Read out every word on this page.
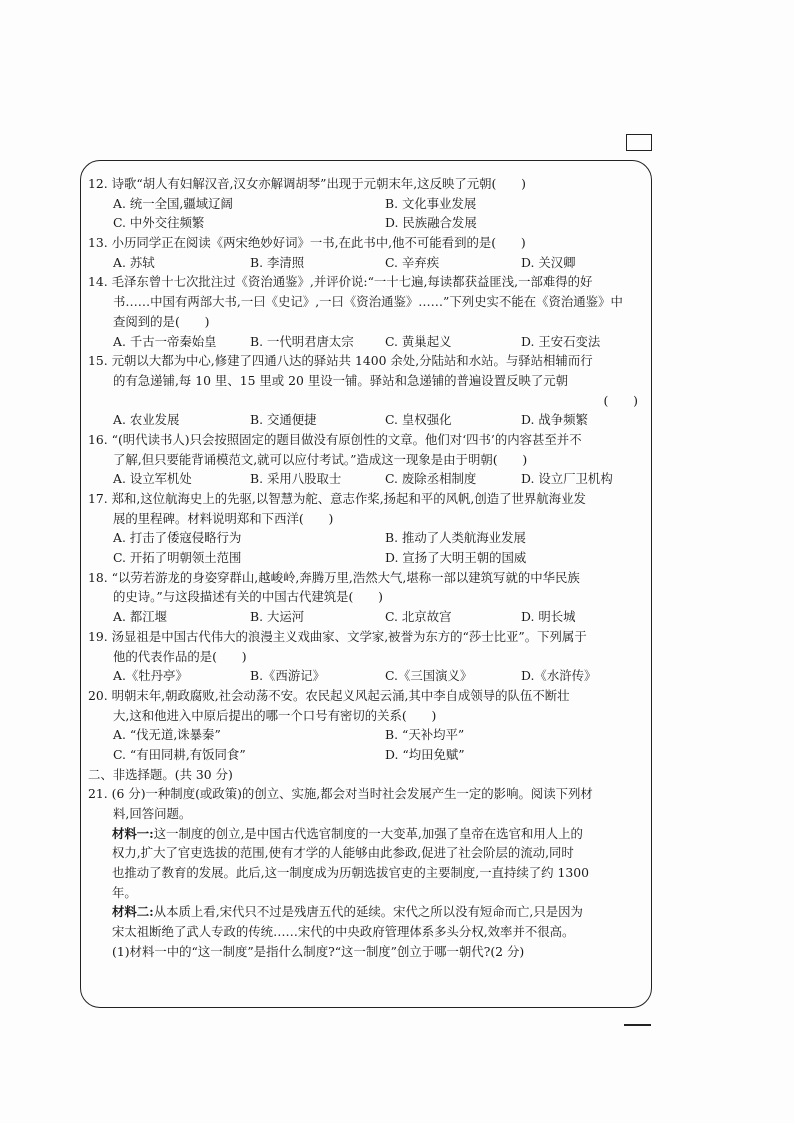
12. 诗歌“胡人有妇解汉音,汉女亦解调胡琴”出现于元朝末年,这反映了元朝(　　)
A. 统一全国,疆域辽阔	B. 文化事业发展
C. 中外交往频繁	D. 民族融合发展
13. 小历同学正在阅读《两宋绝妙好词》一书,在此书中,他不可能看到的是(　　)
A. 苏轼	B. 李清照	C. 辛弃疾	D. 关汉卿
14. 毛泽东曾十七次批注过《资治通鉴》,并评价说:“一十七遍,每读都获益匪浅,一部难得的好
书……中国有两部大书,一曰《史记》,一曰《资治通鉴》……”下列史实不能在《资治通鉴》中
查阅到的是(　　)
A. 千古一帝秦始皇	B. 一代明君唐太宗	C. 黄巢起义	D. 王安石变法
15. 元朝以大都为中心,修建了四通八达的驿站共 1400 余处,分陆站和水站。与驿站相辅而行
的有急递铺,每 10 里、15 里或 20 里设一铺。驿站和急递铺的普遍设置反映了元朝
(　　)
A. 农业发展	B. 交通便捷	C. 皇权强化	D. 战争频繁
16. “(明代读书人)只会按照固定的题目做没有原创性的文章。他们对‘四书’的内容甚至并不
了解,但只要能背诵模范文,就可以应付考试。”造成这一现象是由于明朝(　　)
A. 设立军机处	B. 采用八股取士	C. 废除丞相制度	D. 设立厂卫机构
17. 郑和,这位航海史上的先驱,以智慧为舵、意志作桨,扬起和平的风帆,创造了世界航海业发
展的里程碑。材料说明郑和下西洋(　　)
A. 打击了倭寇侵略行为	B. 推动了人类航海业发展
C. 开拓了明朝领土范围	D. 宣扬了大明王朝的国威
18. “以劳若游龙的身姿穿群山,越峻岭,奔腾万里,浩然大气,堪称一部以建筑写就的中华民族
的史诗。”与这段描述有关的中国古代建筑是(　　)
A. 都江堰	B. 大运河	C. 北京故宫	D. 明长城
19. 汤显祖是中国古代伟大的浪漫主义戏曲家、文学家,被誉为东方的“莎士比亚”。下列属于
他的代表作品的是(　　)
A.《牡丹亭》	B.《西游记》	C.《三国演义》	D.《水浒传》
20. 明朝末年,朝政腐败,社会动荡不安。农民起义风起云涌,其中李自成领导的队伍不断壮
大,这和他进入中原后提出的哪一个口号有密切的关系(　　)
A. “伐无道,诛暴秦”	B. “天补均平”
C. “有田同耕,有饭同食”	D. “均田免赋”
二、非选择题。(共 30 分)
21. (6 分)一种制度(或政策)的创立、实施,都会对当时社会发展产生一定的影响。阅读下列材
料,回答问题。
材料一:这一制度的创立,是中国古代选官制度的一大变革,加强了皇帝在选官和用人上的
权力,扩大了官吏选拔的范围,使有才学的人能够由此参政,促进了社会阶层的流动,同时
也推动了教育的发展。此后,这一制度成为历朝选拔官吏的主要制度,一直持续了约 1300
年。
材料二:从本质上看,宋代只不过是残唐五代的延续。宋代之所以没有短命而亡,只是因为
宋太祖断绝了武人专政的传统……宋代的中央政府管理体系多头分权,效率并不很高。
(1)材料一中的“这一制度”是指什么制度?“这一制度”创立于哪一朝代?(2 分)
